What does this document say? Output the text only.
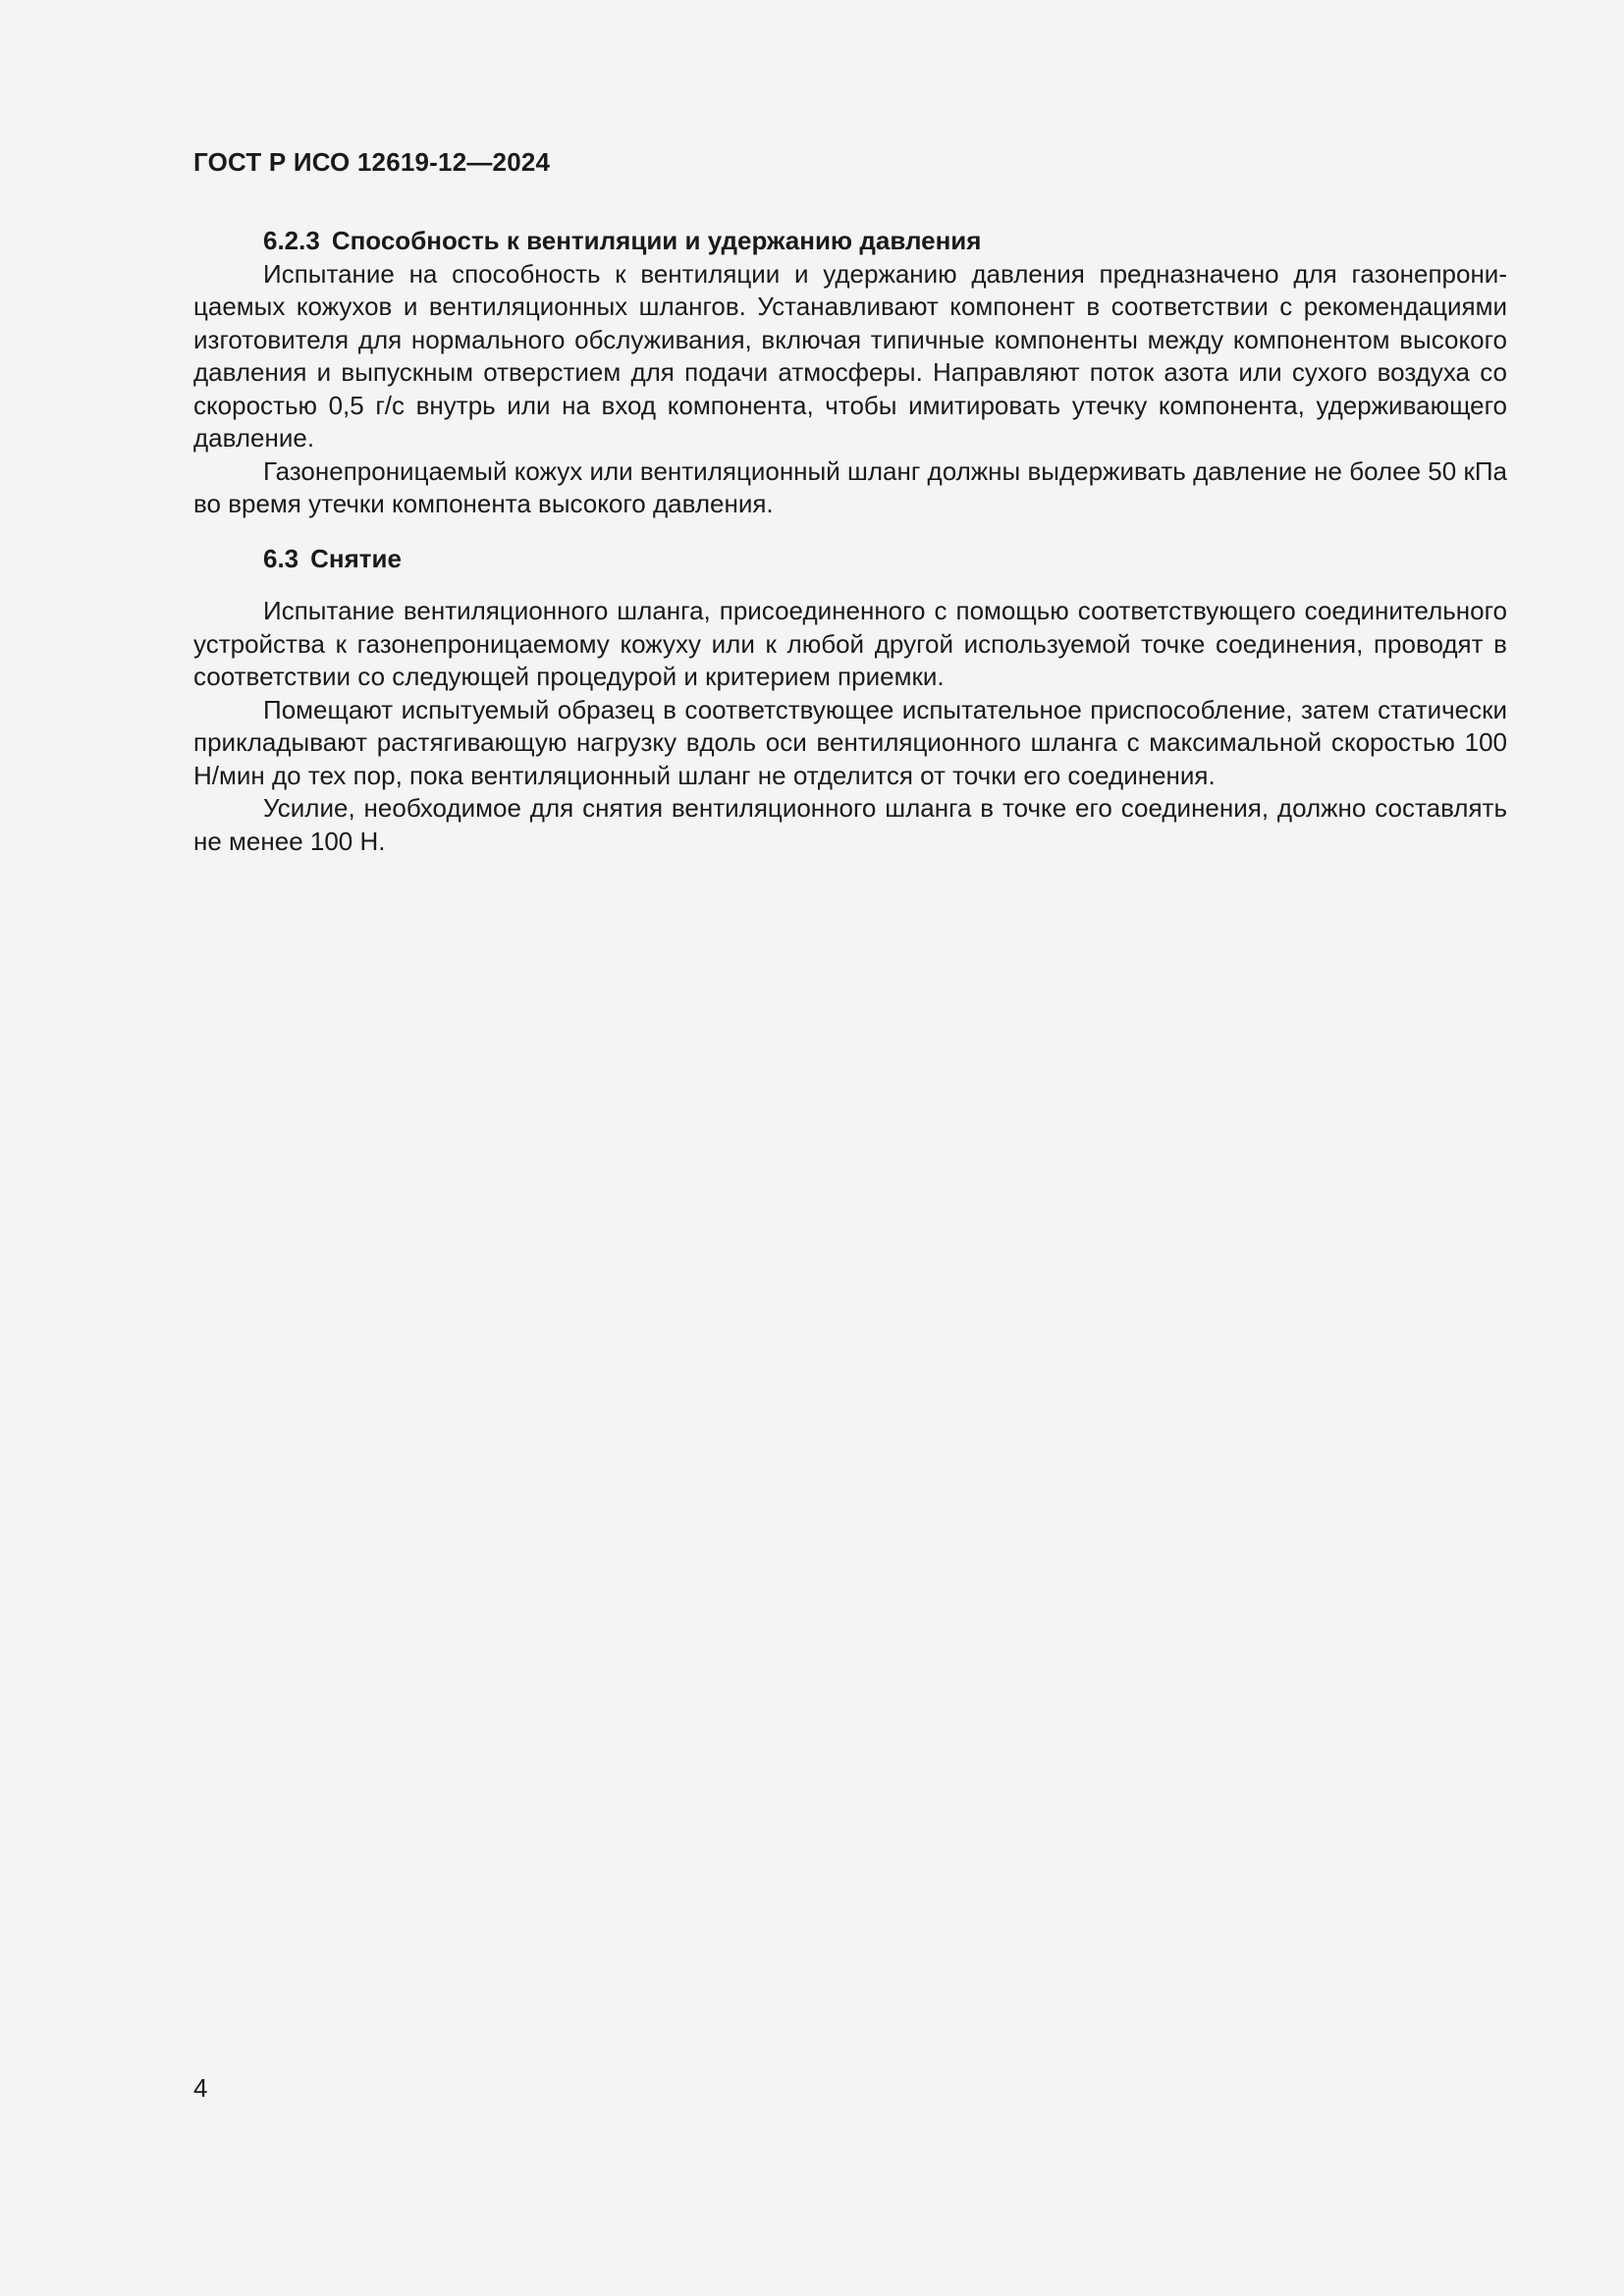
ГОСТ Р ИСО 12619-12—2024

6.2.3 Способность к вентиляции и удержанию давления

Испытание на способность к вентиляции и удержанию давления предназначено для газонепроницаемых кожухов и вентиляционных шлангов. Устанавливают компонент в соответствии с рекомендациями изготовителя для нормального обслуживания, включая типичные компоненты между компонентом высокого давления и выпускным отверстием для подачи атмосферы. Направляют поток азота или сухого воздуха со скоростью 0,5 г/с внутрь или на вход компонента, чтобы имитировать утечку компонента, удерживающего давление.

Газонепроницаемый кожух или вентиляционный шланг должны выдерживать давление не более 50 кПа во время утечки компонента высокого давления.

6.3 Снятие

Испытание вентиляционного шланга, присоединенного с помощью соответствующего соединительного устройства к газонепроницаемому кожуху или к любой другой используемой точке соединения, проводят в соответствии со следующей процедурой и критерием приемки.

Помещают испытуемый образец в соответствующее испытательное приспособление, затем статически прикладывают растягивающую нагрузку вдоль оси вентиляционного шланга с максимальной скоростью 100 Н/мин до тех пор, пока вентиляционный шланг не отделится от точки его соединения.

Усилие, необходимое для снятия вентиляционного шланга в точке его соединения, должно составлять не менее 100 Н.

4
